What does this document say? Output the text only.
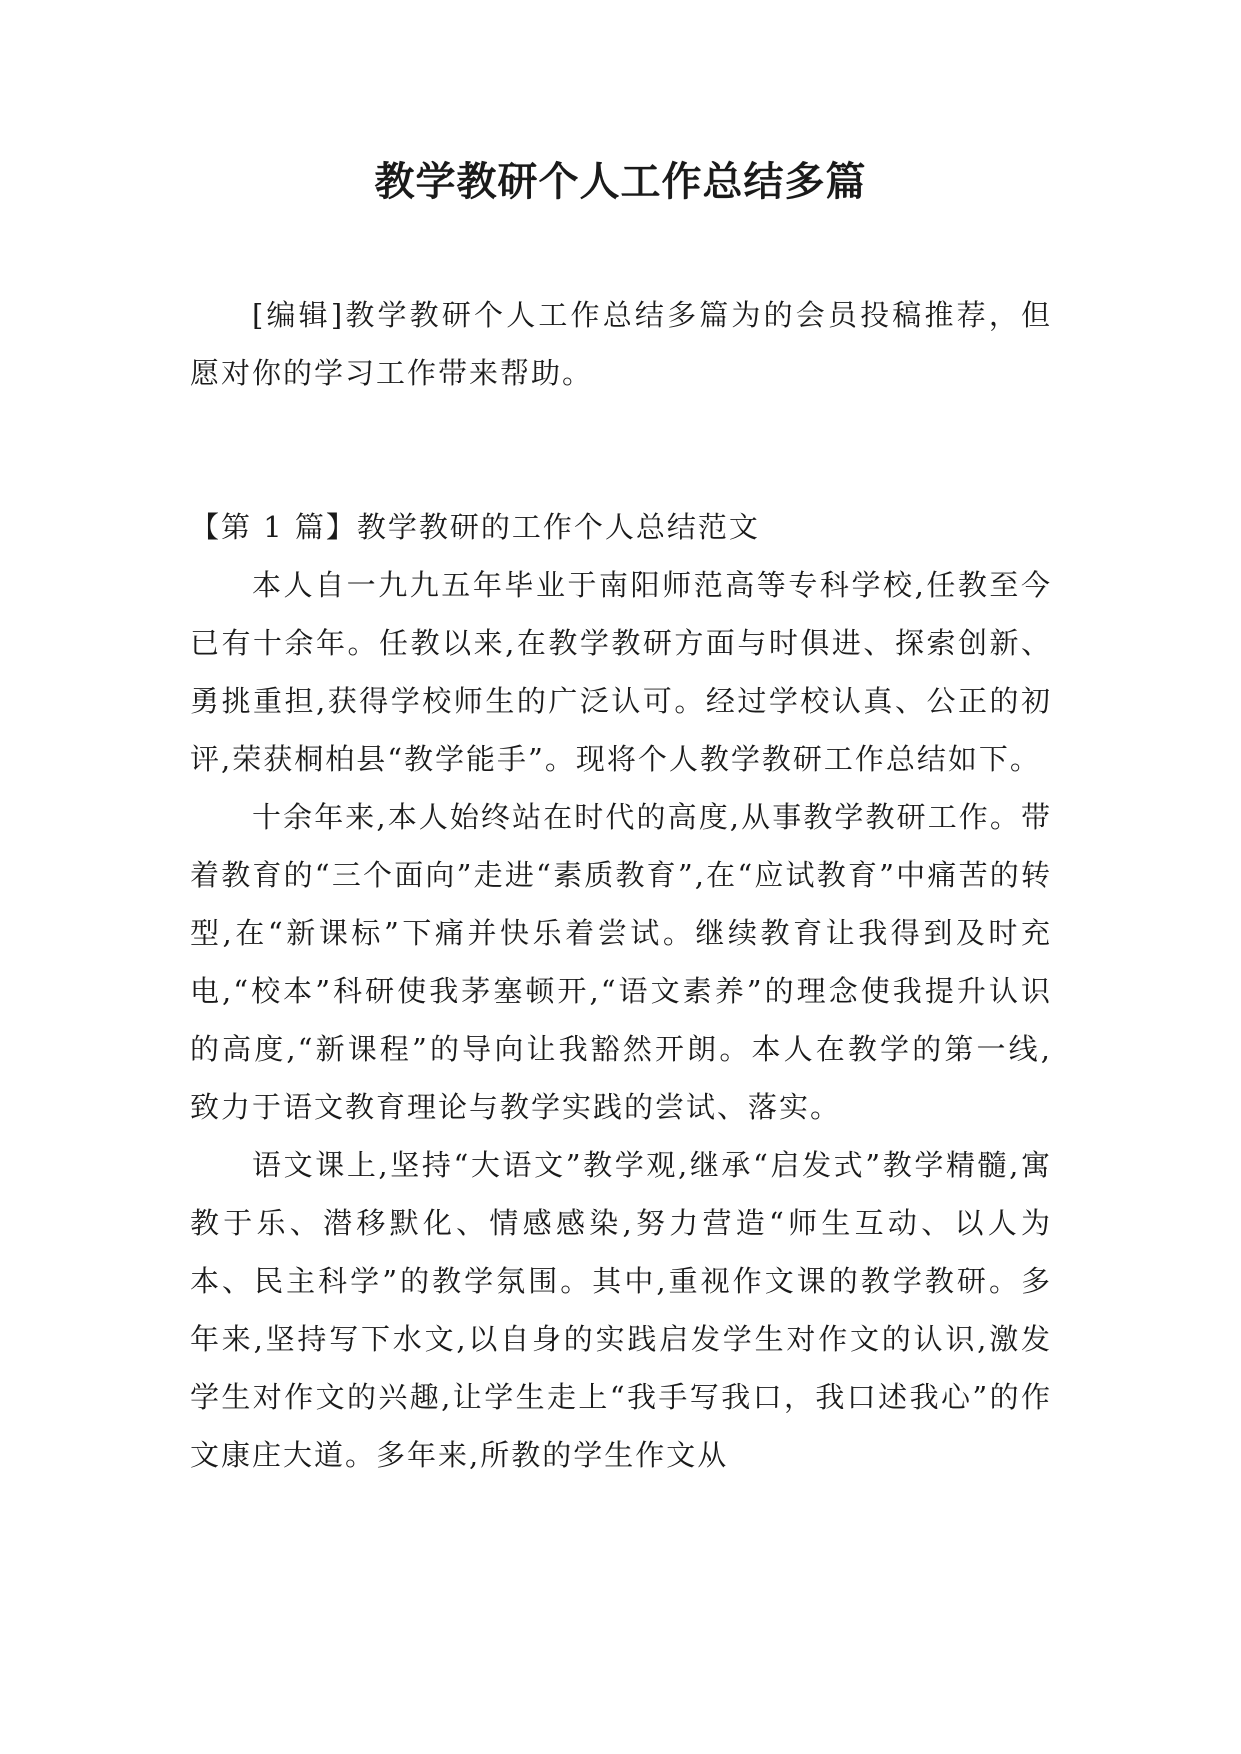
教学教研个人工作总结多篇

[编辑]教学教研个人工作总结多篇为的会员投稿推荐，但愿对你的学习工作带来帮助。

【第 1 篇】教学教研的工作个人总结范文

本人自一九九五年毕业于南阳师范高等专科学校,任教至今已有十余年。任教以来,在教学教研方面与时俱进、探索创新、勇挑重担,获得学校师生的广泛认可。经过学校认真、公正的初评,荣获桐柏县“教学能手”。现将个人教学教研工作总结如下。

十余年来,本人始终站在时代的高度,从事教学教研工作。带着教育的“三个面向”走进“素质教育”,在“应试教育”中痛苦的转型,在“新课标”下痛并快乐着尝试。继续教育让我得到及时充电,“校本”科研使我茅塞顿开,“语文素养”的理念使我提升认识的高度,“新课程”的导向让我豁然开朗。本人在教学的第一线,致力于语文教育理论与教学实践的尝试、落实。

语文课上,坚持“大语文”教学观,继承“启发式”教学精髓,寓教于乐、潜移默化、情感感染,努力营造“师生互动、以人为本、民主科学”的教学氛围。其中,重视作文课的教学教研。多年来,坚持写下水文,以自身的实践启发学生对作文的认识,激发学生对作文的兴趣,让学生走上“我手写我口，我口述我心”的作文康庄大道。多年来,所教的学生作文从
